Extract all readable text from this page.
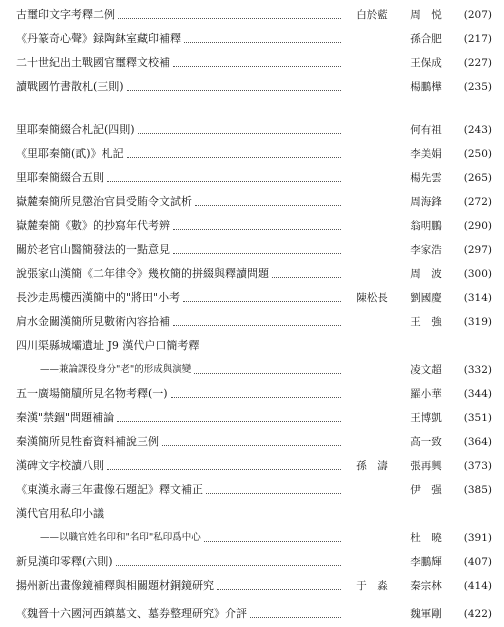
古璽印文字考釋二例	白於藍	周　悦	(207)
《丹篆奇心聲》録陶鈢室藏印補釋	孫合肥	(217)
二十世紀出土戰國官璽釋文校補	王保成	(227)
讀戰國竹書散札(三則)	楊鵬樺	(235)
里耶秦簡綴合札記(四則)	何有祖	(243)
《里耶秦簡(貳)》札記	李美娟	(250)
里耶秦簡綴合五則	楊先雲	(265)
嶽麓秦簡所見懲治官員受賄令文試析	周海鋒	(272)
嶽麓秦簡《數》的抄寫年代考辨	翁明鵬	(290)
關於老官山醫簡發法的一點意見	李家浩	(297)
說張家山漢簡《二年律令》幾枚簡的拼綴與釋讀問題	周　波	(300)
長沙走馬樓西漢簡中的"將田"小考	陳松長	劉國慶	(314)
肩水金關漢簡所見數術內容拾補	王　強	(319)
四川渠縣城壩遺址 J9 漢代户口簡考釋
——兼論課役身分"老"的形成與演變	凌文超	(332)
五一廣場簡牘所見名物考釋(一)	羅小華	(344)
秦漢"禁錮"問題補論	王博凱	(351)
秦漢簡所見牲畜資料補說三例	高一致	(364)
漢碑文字校讀八則	孫　濤	張再興	(373)
《東漢永壽三年畫像石題記》釋文補正	伊　强	(385)
漢代官用私印小議
——以職官姓名印和"名印"私印爲中心	杜　曉	(391)
新見漢印零釋(六則)	李鵬輝	(407)
揚州新出畫像鏡補釋與相關題材銅鏡研究	于　淼	秦宗林	(414)
《魏晉十六國河西鎮墓文、墓券整理研究》介評	魏軍剛	(422)
